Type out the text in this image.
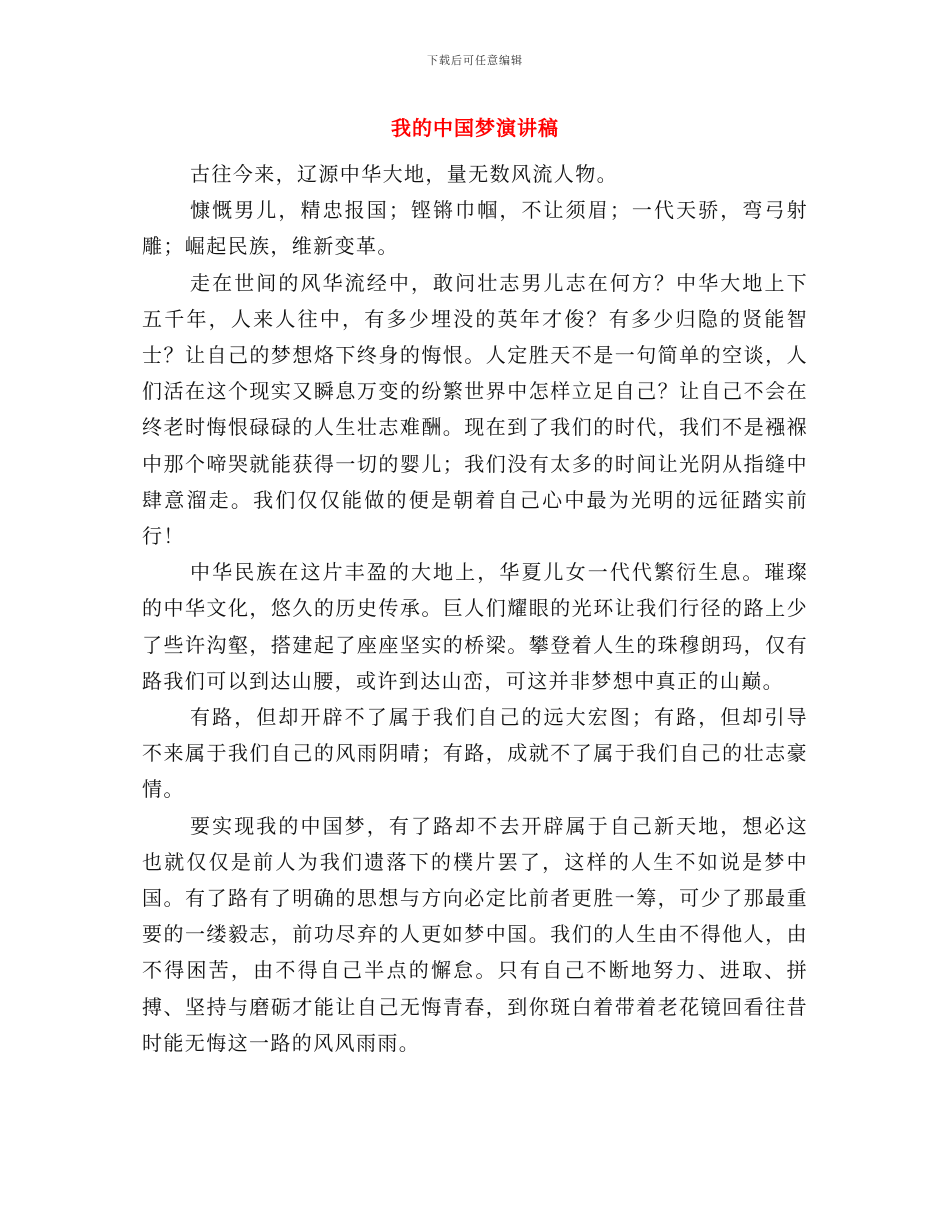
下载后可任意编辑
我的中国梦演讲稿

古往今来，辽源中华大地，量无数风流人物。

慷慨男儿，精忠报国；铿锵巾帼，不让须眉；一代天骄，弯弓射雕；崛起民族，维新变革。

走在世间的风华流经中，敢问壮志男儿志在何方？中华大地上下五千年，人来人往中，有多少埋没的英年才俊？有多少归隐的贤能智士？让自己的梦想烙下终身的悔恨。人定胜天不是一句简单的空谈，人们活在这个现实又瞬息万变的纷繁世界中怎样立足自己？让自己不会在终老时悔恨碌碌的人生壮志难酬。现在到了我们的时代，我们不是襁褓中那个啼哭就能获得一切的婴儿；我们没有太多的时间让光阴从指缝中肆意溜走。我们仅仅能做的便是朝着自己心中最为光明的远征踏实前行！

中华民族在这片丰盈的大地上，华夏儿女一代代繁衍生息。璀璨的中华文化，悠久的历史传承。巨人们耀眼的光环让我们行径的路上少了些许沟壑，搭建起了座座坚实的桥梁。攀登着人生的珠穆朗玛，仅有路我们可以到达山腰，或许到达山峦，可这并非梦想中真正的山巅。

有路，但却开辟不了属于我们自己的远大宏图；有路，但却引导不来属于我们自己的风雨阴晴；有路，成就不了属于我们自己的壮志豪情。

要实现我的中国梦，有了路却不去开辟属于自己新天地，想必这也就仅仅是前人为我们遗落下的樸片罢了，这样的人生不如说是梦中国。有了路有了明确的思想与方向必定比前者更胜一筹，可少了那最重要的一缕毅志，前功尽弃的人更如梦中国。我们的人生由不得他人，由不得困苦，由不得自己半点的懈怠。只有自己不断地努力、进取、拼搏、坚持与磨砺才能让自己无悔青春，到你斑白着带着老花镜回看往昔时能无悔这一路的风风雨雨。
